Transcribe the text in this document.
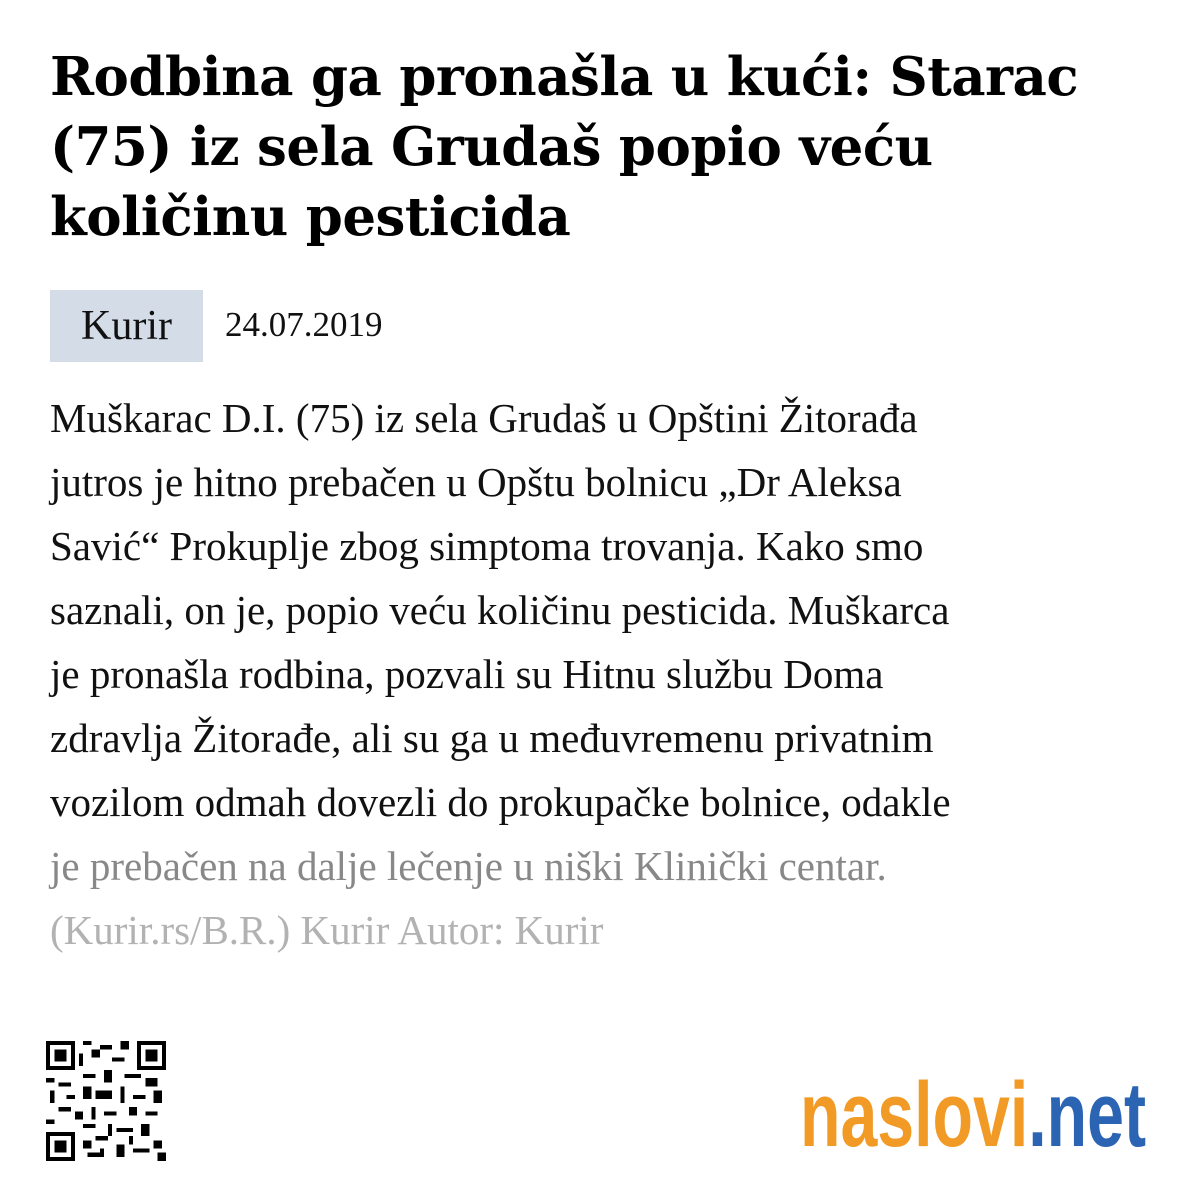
Rodbina ga pronašla u kući: Starac (75) iz sela Grudaš popio veću količinu pesticida
Kurir	24.07.2019
Muškarac D.I. (75) iz sela Grudaš u Opštini Žitorađa
jutros je hitno prebačen u Opštu bolnicu „Dr Aleksa
Savić“ Prokuplje zbog simptoma trovanja. Kako smo
saznali, on je, popio veću količinu pesticida. Muškarca
je pronašla rodbina, pozvali su Hitnu službu Doma
zdravlja Žitorađe, ali su ga u međuvremenu privatnim
vozilom odmah dovezli do prokupačke bolnice, odakle
je prebačen na dalje lečenje u niški Klinički centar.
(Kurir.rs/B.R.) Kurir Autor: Kurir
naslovi.net
